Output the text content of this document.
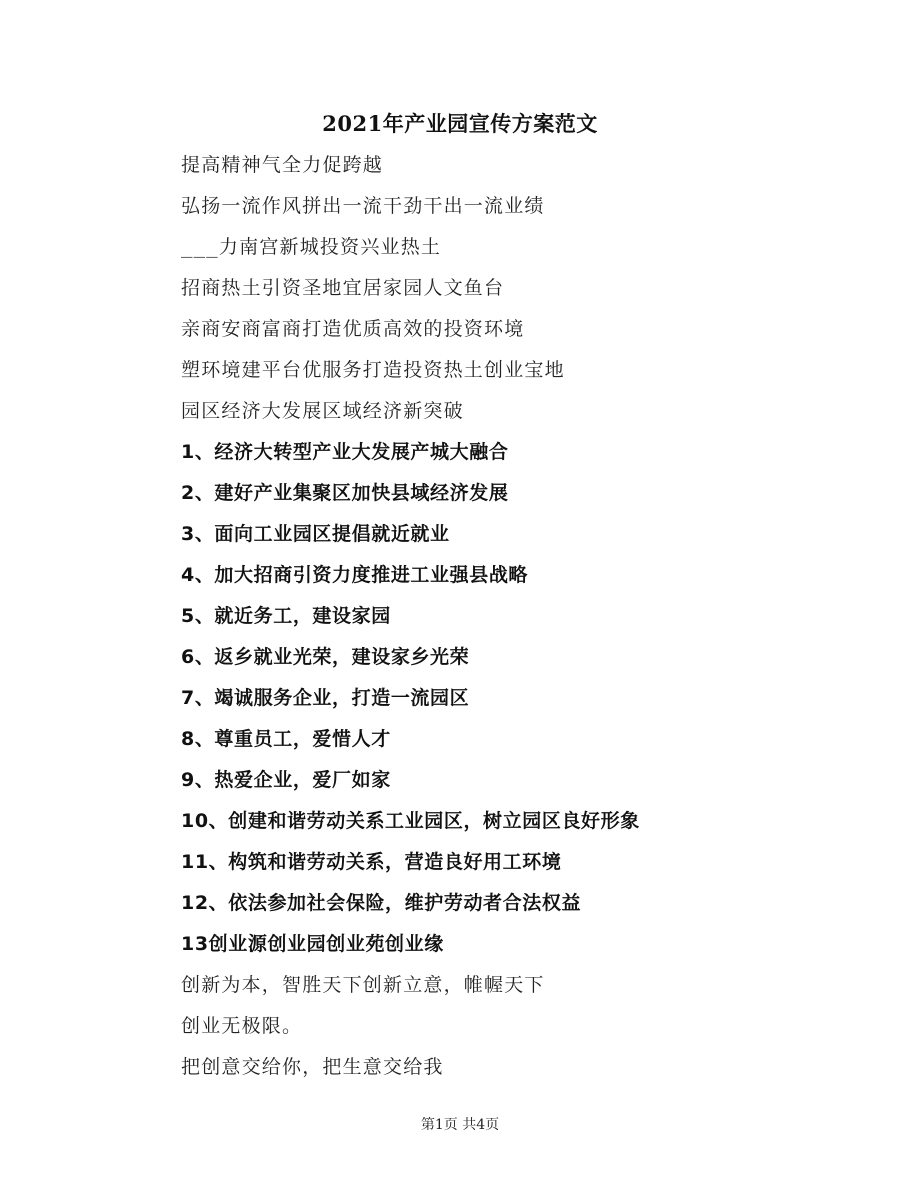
2021年产业园宣传方案范文
提高精神气全力促跨越
弘扬一流作风拼出一流干劲干出一流业绩
___力南宫新城投资兴业热土
招商热土引资圣地宜居家园人文鱼台
亲商安商富商打造优质高效的投资环境
塑环境建平台优服务打造投资热土创业宝地
园区经济大发展区域经济新突破
1、经济大转型产业大发展产城大融合
2、建好产业集聚区加快县域经济发展
3、面向工业园区提倡就近就业
4、加大招商引资力度推进工业强县战略
5、就近务工，建设家园
6、返乡就业光荣，建设家乡光荣
7、竭诚服务企业，打造一流园区
8、尊重员工，爱惜人才
9、热爱企业，爱厂如家
10、创建和谐劳动关系工业园区，树立园区良好形象
11、构筑和谐劳动关系，营造良好用工环境
12、依法参加社会保险，维护劳动者合法权益
13创业源创业园创业苑创业缘
创新为本，智胜天下创新立意，帷幄天下
创业无极限。
把创意交给你，把生意交给我
第1页 共4页
